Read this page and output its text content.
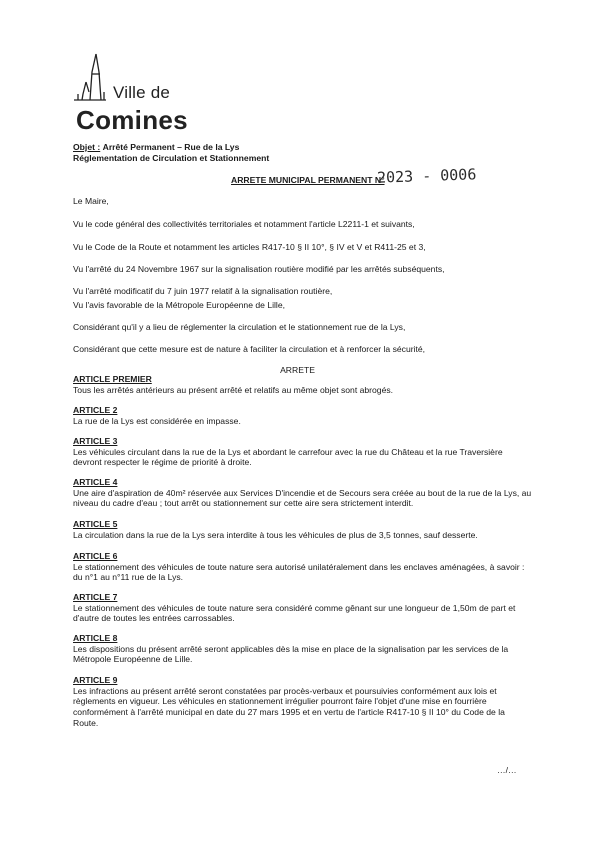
Ville de
Comines
Objet : Arrêté Permanent – Rue de la Lys
Réglementation de Circulation et Stationnement
ARRETE MUNICIPAL PERMANENT N°
2023 - 0006
Le Maire,
Vu le code général des collectivités territoriales et notamment l'article L2211-1 et suivants,
Vu le Code de la Route et notamment les articles R417-10 § II 10°, § IV et V et R411-25 et 3,
Vu l'arrêté du 24 Novembre 1967 sur la signalisation routière modifié par les arrêtés subséquents,
Vu l'arrêté modificatif du 7 juin 1977 relatif à la signalisation routière,
Vu l'avis favorable de la Métropole Européenne de Lille,
Considérant qu'il y a lieu de réglementer la circulation et le stationnement rue de la Lys,
Considérant que cette mesure est de nature à faciliter la circulation et à renforcer la sécurité,
ARRETE
ARTICLE PREMIER
Tous les arrêtés antérieurs au présent arrêté et relatifs au même objet sont abrogés.
ARTICLE 2
La rue de la Lys est considérée en impasse.
ARTICLE 3
Les véhicules circulant dans la rue de la Lys et abordant le carrefour avec la rue du Château et la rue Traversière
devront respecter le régime de priorité à droite.
ARTICLE 4
Une aire d'aspiration de 40m² réservée aux Services D'incendie et de Secours sera créée au bout de la rue de la Lys, au
niveau du cadre d'eau ; tout arrêt ou stationnement sur cette aire sera strictement interdit.
ARTICLE 5
La circulation dans la rue de la Lys sera interdite à tous les véhicules de plus de 3,5 tonnes, sauf desserte.
ARTICLE 6
Le stationnement des véhicules de toute nature sera autorisé unilatéralement dans les enclaves aménagées, à savoir :
du n°1 au n°11 rue de la Lys.
ARTICLE 7
Le stationnement des véhicules de toute nature sera considéré comme gênant sur une longueur de 1,50m de part et
d'autre de toutes les entrées carrossables.
ARTICLE 8
Les dispositions du présent arrêté seront applicables dès la mise en place de la signalisation par les services de la
Métropole Européenne de Lille.
ARTICLE 9
Les infractions au présent arrêté seront constatées par procès-verbaux et poursuivies conformément aux lois et
règlements en vigueur. Les véhicules en stationnement irrégulier pourront faire l'objet d'une mise en fourrière
conformément à l'arrêté municipal en date du 27 mars 1995 et en vertu de l'article R417-10 § II 10° du Code de la
Route.
…/…
